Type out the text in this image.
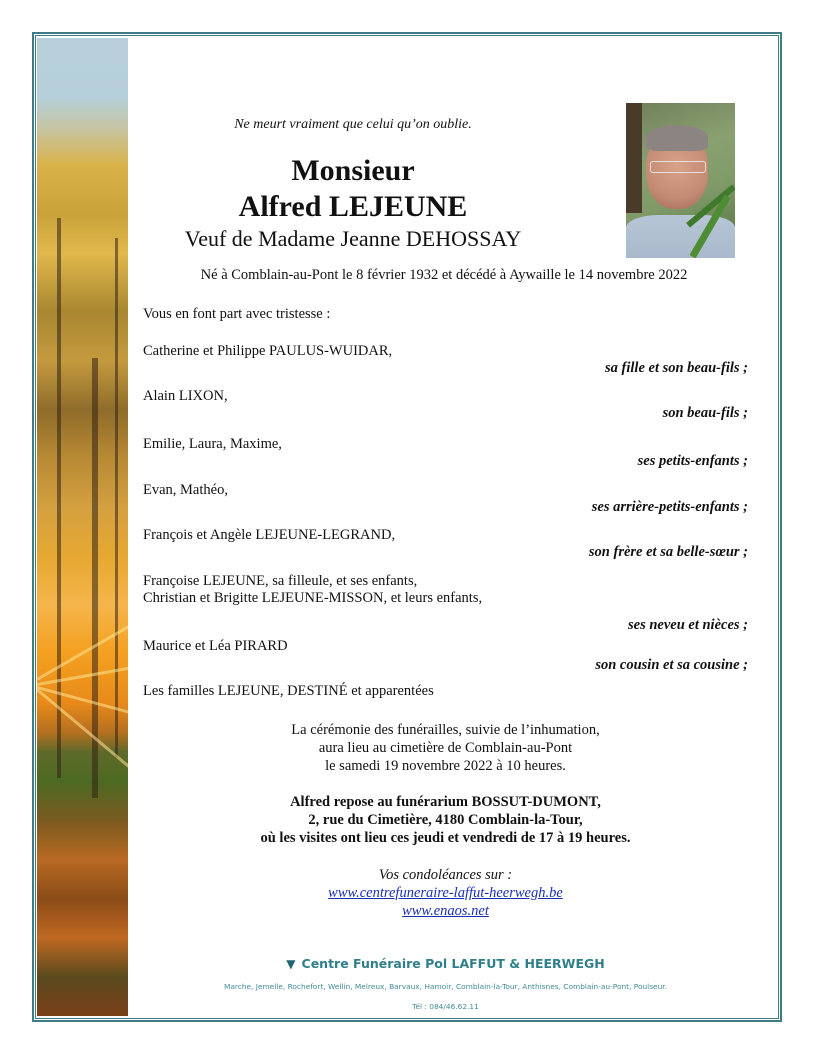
Ne meurt vraiment que celui qu’on oublie.
Monsieur
Alfred LEJEUNE
Veuf de Madame Jeanne DEHOSSAY
Né à Comblain-au-Pont le 8 février 1932 et décédé à Aywaille le 14 novembre 2022
Vous en font part avec tristesse :
Catherine et Philippe PAULUS-WUIDAR,
sa fille et son beau-fils ;
Alain LIXON,
son beau-fils ;
Emilie, Laura, Maxime,
ses petits-enfants ;
Evan, Mathéo,
ses arrière-petits-enfants ;
François et Angèle LEJEUNE-LEGRAND,
son frère et sa belle-sœur ;
Françoise LEJEUNE, sa filleule, et ses enfants,
Christian et Brigitte LEJEUNE-MISSON, et leurs enfants,
ses neveu et nièces ;
Maurice et Léa PIRARD
son cousin et sa cousine ;
Les familles LEJEUNE, DESTINÉ et apparentées
La cérémonie des funérailles, suivie de l’inhumation,
aura lieu au cimetière de Comblain-au-Pont
le samedi 19 novembre 2022 à 10 heures.
Alfred repose au funérarium BOSSUT-DUMONT,
2, rue du Cimetière, 4180 Comblain-la-Tour,
où les visites ont lieu ces jeudi et vendredi de 17 à 19 heures.
Vos condoléances sur :
www.centrefuneraire-laffut-heerwegh.be
www.enaos.net
▼ Centre Funéraire Pol LAFFUT & HEERWEGH
Marche, Jemelle, Rochefort, Wellin, Melreux, Barvaux, Hamoir, Comblain-la-Tour, Anthisnes, Comblain-au-Pont, Poulseur.
Tél : 084/46.62.11
